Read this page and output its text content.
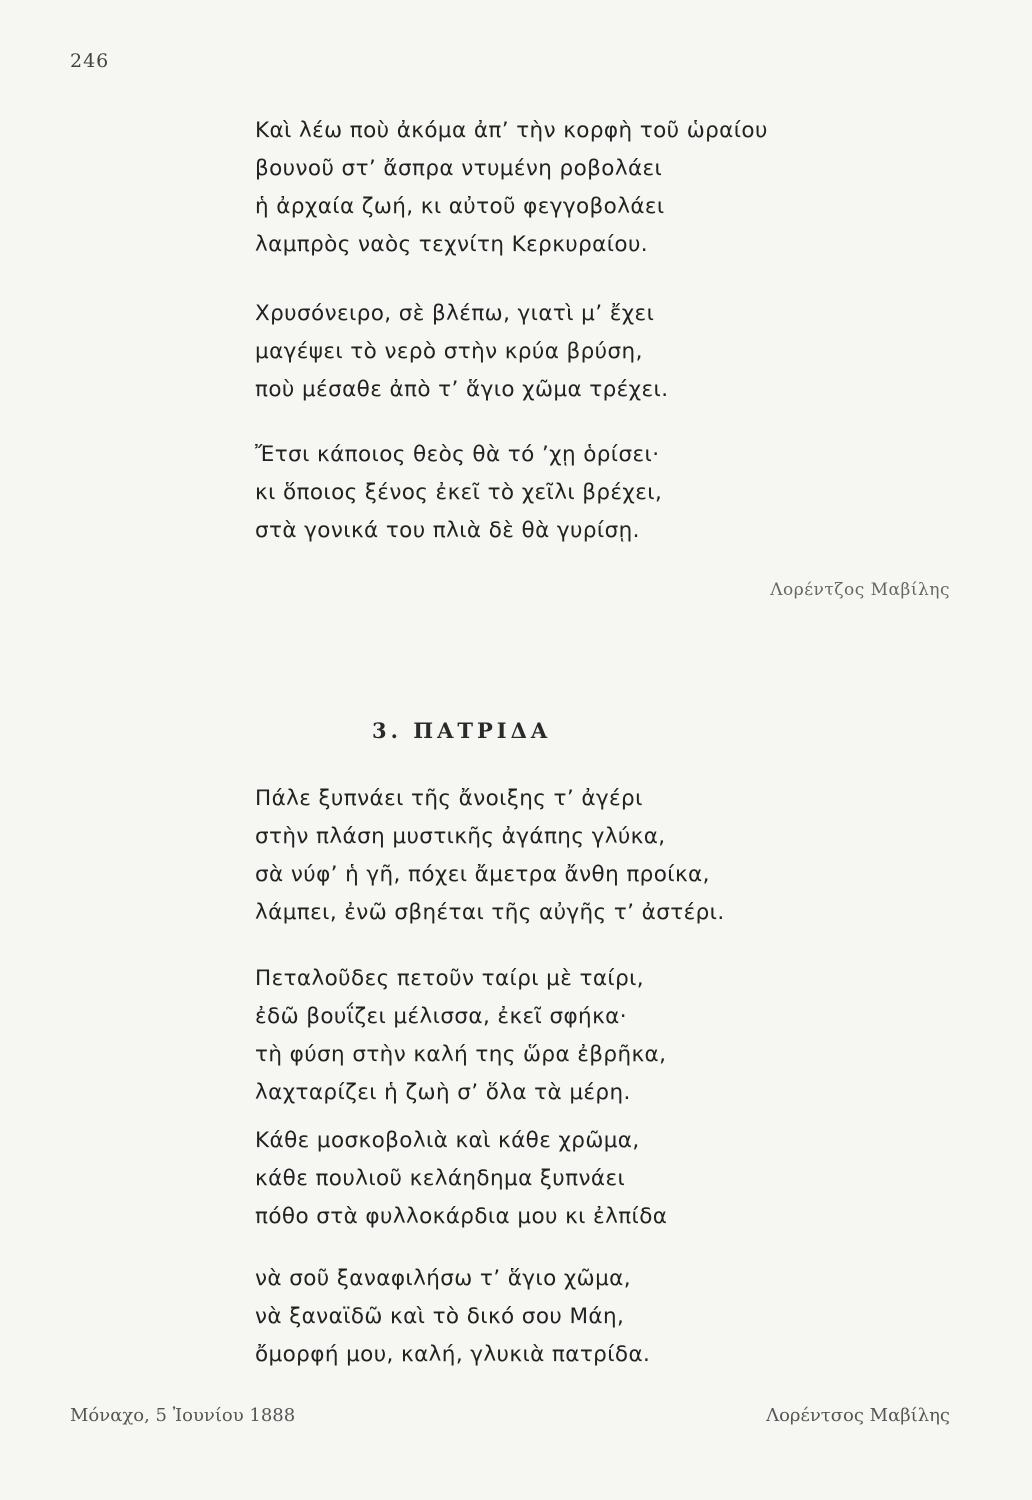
246
Καὶ λέω ποὺ ἀκόμα ἀπ’ τὴν κορφὴ τοῦ ὡραίου
βουνοῦ στ’ ἄσπρα ντυμένη ροβολάει
ἡ ἀρχαία ζωή, κι αὐτοῦ φεγγοβολάει
λαμπρὸς ναὸς τεχνίτη Κερκυραίου.
Χρυσόνειρο, σὲ βλέπω, γιατὶ μ’ ἔχει
μαγέψει τὸ νερὸ στὴν κρύα βρύση,
ποὺ μέσαθε ἀπὸ τ’ ἅγιο χῶμα τρέχει.
Ἔτσι κάποιος θεὸς θὰ τό ’χῃ ὁρίσει·
κι ὅποιος ξένος ἐκεῖ τὸ χεῖλι βρέχει,
στὰ γονικά του πλιὰ δὲ θὰ γυρίσῃ.
Λορέντζος Μαβίλης
3. ΠΑΤΡΙΔΑ
Πάλε ξυπνάει τῆς ἄνοιξης τ’ ἀγέρι
στὴν πλάση μυστικῆς ἀγάπης γλύκα,
σὰ νύφ’ ἡ γῆ, πόχει ἄμετρα ἄνθη προίκα,
λάμπει, ἐνῶ σβηέται τῆς αὐγῆς τ’ ἀστέρι.
Πεταλοῦδες πετοῦν ταίρι μὲ ταίρι,
ἐδῶ βουΐζει μέλισσα, ἐκεῖ σφήκα·
τὴ φύση στὴν καλή της ὥρα ἐβρῆκα,
λαχταρίζει ἡ ζωὴ σ’ ὅλα τὰ μέρη.
Κάθε μοσκοβολιὰ καὶ κάθε χρῶμα,
κάθε πουλιοῦ κελάηδημα ξυπνάει
πόθο στὰ φυλλοκάρδια μου κι ἐλπίδα
νὰ σοῦ ξαναφιλήσω τ’ ἅγιο χῶμα,
νὰ ξαναϊδῶ καὶ τὸ δικό σου Μάη,
ὄμορφή μου, καλή, γλυκιὰ πατρίδα.
Μόναχο, 5 Ἰουνίου 1888	Λορέντσος Μαβίλης
